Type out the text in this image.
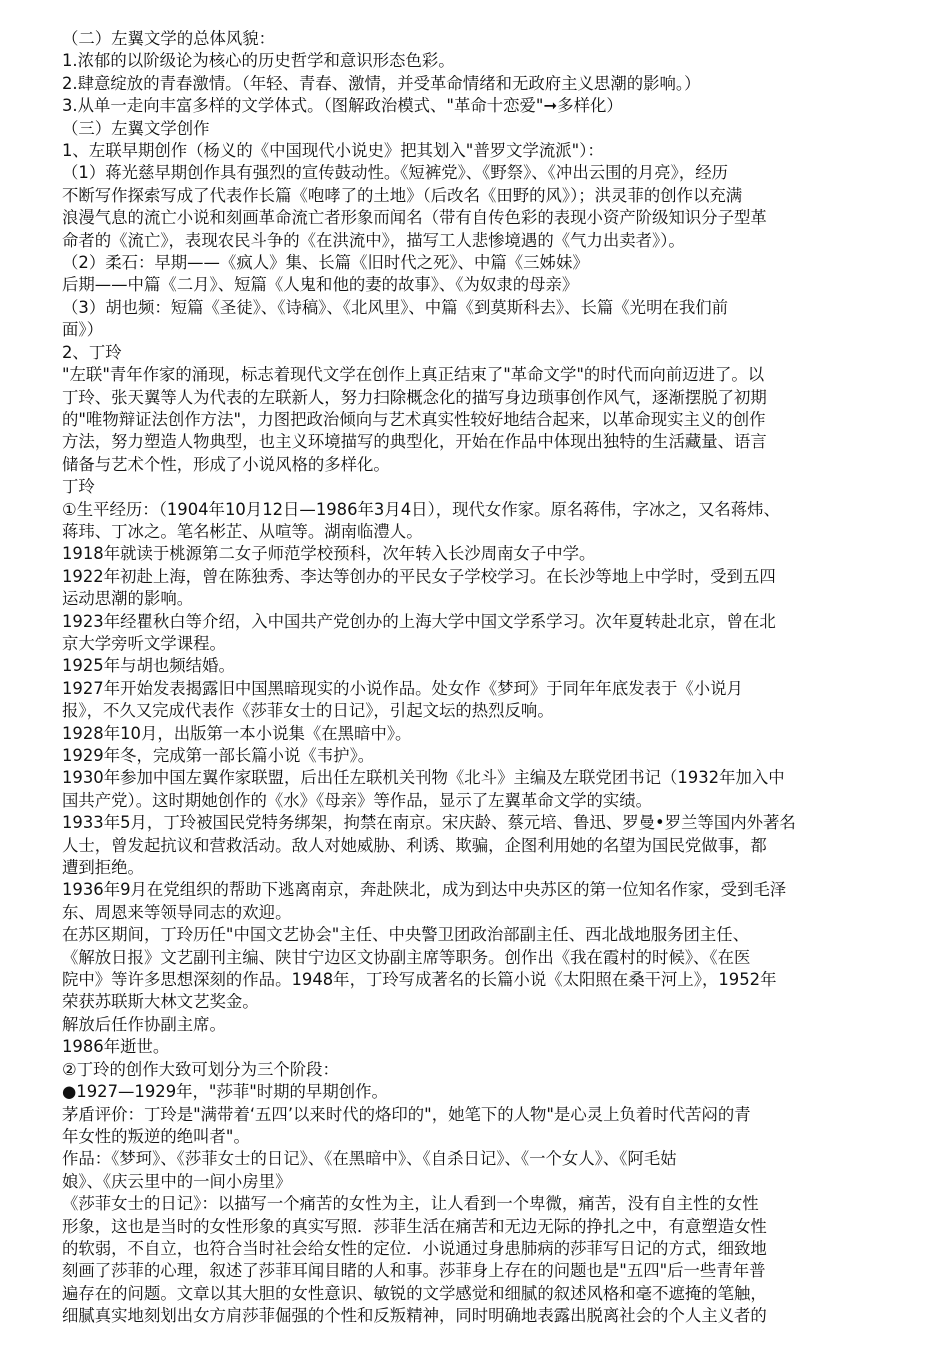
（二）左翼文学的总体风貌：
1.浓郁的以阶级论为核心的历史哲学和意识形态色彩。
2.肆意绽放的青春激情。（年轻、青春、激情，并受革命情绪和无政府主义思潮的影响。）
3.从单一走向丰富多样的文学体式。（图解政治模式、"革命十恋爱"➞多样化）
（三）左翼文学创作
1、左联早期创作（杨义的《中国现代小说史》把其划入"普罗文学流派"）：
（1）蒋光慈早期创作具有强烈的宣传鼓动性。《短裤党》、《野祭》、《冲出云围的月亮》，经历
不断写作探索写成了代表作长篇《咆哮了的土地》（后改名《田野的风》）；洪灵菲的创作以充满
浪漫气息的流亡小说和刻画革命流亡者形象而闻名（带有自传色彩的表现小资产阶级知识分子型革
命者的《流亡》，表现农民斗争的《在洪流中》，描写工人悲惨境遇的《气力出卖者》）。
（2）柔石：早期——《疯人》集、长篇《旧时代之死》、中篇《三姊妹》
后期——中篇《二月》、短篇《人鬼和他的妻的故事》、《为奴隶的母亲》
（3）胡也频：短篇《圣徒》、《诗稿》、《北风里》、中篇《到莫斯科去》、长篇《光明在我们前
面》）
2、丁玲
"左联"青年作家的涌现，标志着现代文学在创作上真正结束了"革命文学"的时代而向前迈进了。以
丁玲、张天翼等人为代表的左联新人，努力扫除概念化的描写身边琐事创作风气，逐渐摆脱了初期
的"唯物辩证法创作方法"，力图把政治倾向与艺术真实性较好地结合起来，以革命现实主义的创作
方法，努力塑造人物典型，也主义环境描写的典型化，开始在作品中体现出独特的生活藏量、语言
储备与艺术个性，形成了小说风格的多样化。
丁玲
①生平经历：（1904年10月12日—1986年3月4日），现代女作家。原名蒋伟，字冰之，又名蒋炜、
蒋玮、丁冰之。笔名彬芷、从喧等。湖南临澧人。
1918年就读于桃源第二女子师范学校预科，次年转入长沙周南女子中学。
1922年初赴上海，曾在陈独秀、李达等创办的平民女子学校学习。在长沙等地上中学时，受到五四
运动思潮的影响。
1923年经瞿秋白等介绍，入中国共产党创办的上海大学中国文学系学习。次年夏转赴北京，曾在北
京大学旁听文学课程。
1925年与胡也频结婚。
1927年开始发表揭露旧中国黑暗现实的小说作品。处女作《梦珂》于同年年底发表于《小说月
报》，不久又完成代表作《莎菲女士的日记》，引起文坛的热烈反响。
1928年10月，出版第一本小说集《在黑暗中》。
1929年冬，完成第一部长篇小说《韦护》。
1930年参加中国左翼作家联盟，后出任左联机关刊物《北斗》主编及左联党团书记（1932年加入中
国共产党）。这时期她创作的《水》《母亲》等作品，显示了左翼革命文学的实绩。
1933年5月，丁玲被国民党特务绑架，拘禁在南京。宋庆龄、蔡元培、鲁迅、罗曼•罗兰等国内外著名
人士，曾发起抗议和营救活动。敌人对她威胁、利诱、欺骗，企图利用她的名望为国民党做事，都
遭到拒绝。
1936年9月在党组织的帮助下逃离南京，奔赴陕北，成为到达中央苏区的第一位知名作家，受到毛泽
东、周恩来等领导同志的欢迎。
在苏区期间，丁玲历任"中国文艺协会"主任、中央警卫团政治部副主任、西北战地服务团主任、
《解放日报》文艺副刊主编、陕甘宁边区文协副主席等职务。创作出《我在霞村的时候》、《在医
院中》等许多思想深刻的作品。1948年，丁玲写成著名的长篇小说《太阳照在桑干河上》，1952年
荣获苏联斯大林文艺奖金。
解放后任作协副主席。
1986年逝世。
②丁玲的创作大致可划分为三个阶段：
●1927—1929年，"莎菲"时期的早期创作。
茅盾评价：丁玲是"满带着‘五四’以来时代的烙印的"，她笔下的人物"是心灵上负着时代苦闷的青
年女性的叛逆的绝叫者"。
作品：《梦珂》、《莎菲女士的日记》、《在黑暗中》、《自杀日记》、《一个女人》、《阿毛姑
娘》、《庆云里中的一间小房里》
《莎菲女士的日记》：以描写一个痛苦的女性为主，让人看到一个卑微，痛苦，没有自主性的女性
形象，这也是当时的女性形象的真实写照．莎菲生活在痛苦和无边无际的挣扎之中，有意塑造女性
的软弱，不自立，也符合当时社会给女性的定位．小说通过身患肺病的莎菲写日记的方式，细致地
刻画了莎菲的心理，叙述了莎菲耳闻目睹的人和事。莎菲身上存在的问题也是"五四"后一些青年普
遍存在的问题。文章以其大胆的女性意识、敏锐的文学感觉和细腻的叙述风格和毫不遮掩的笔触，
细腻真实地刻划出女方肩莎菲倔强的个性和反叛精神，同时明确地表露出脱离社会的个人主义者的
